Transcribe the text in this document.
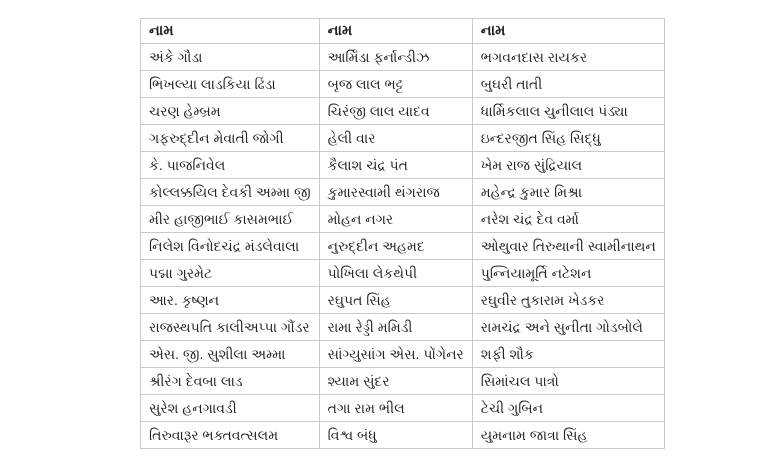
નામ	નામ	નામ
અંકે ગૌડા	આર્મિંડા ફર્નાન્ડીઝ	ભગવનદાસ રાયકર
ભિખલ્યા લાડકિયા ઢિંડા	બૃજ લાલ ભટ્ટ	બુઘરી તાતી
ચરણ હેમ્બ્રમ	ચિરંજી લાલ યાદવ	ધાર્મિકલાલ ચુનીલાલ પંડ્યા
ગફરુદ્દીન મેવાતી જોગી	હેલી વાર	ઇન્દરજીત સિંહ સિદ્ધુ
કે. પાજનિવેલ	કૈલાશ ચંદ્ર પંત	ખેમ રાજ સુંદ્રિયાલ
કોલ્લક્કયિલ દેવકી અમ્મા જી	કુમારસ્વામી થંગરાજ	મહેન્દ્ર કુમાર મિશ્રા
મીર હાજીભાઈ કાસમભાઈ	મોહન નગર	નરેશ ચંદ્ર દેવ વર્મા
નિલેશ વિનોદચંદ્ર મંડલેવાલા	નુરુદ્દીન અહમદ	ઓથુવાર તિરુથાની સ્વામીનાથન
પદ્મા ગુરમેટ	પોખિલા લેકથેપી	પુન્નિયામૂર્તિ નટેશન
આર. કૃષ્ણન	રઘુપત સિંહ	રઘુવીર તુકારામ ખેડકર
રાજસ્થપતિ કાલીઅપ્પા ગૌંડર	રામા રેડ્ડી મમિડી	રામચંદ્ર અને સુનીતા ગોડબોલે
એસ. જી. સુશીલા અમ્મા	સાંગ્યુસાંગ એસ. પોંગેનર	શફી શૌક
શ્રીરંગ દેવબા લાડ	શ્યામ સુંદર	સિમાંચલ પાત્રો
સુરેશ હનગાવડી	તગા રામ ભીલ	ટેચી ગુબિન
તિરુવારૂર ભક્તવત્સલમ	વિશ્વ બંધુ	યુમનામ જાત્રા સિંહ
